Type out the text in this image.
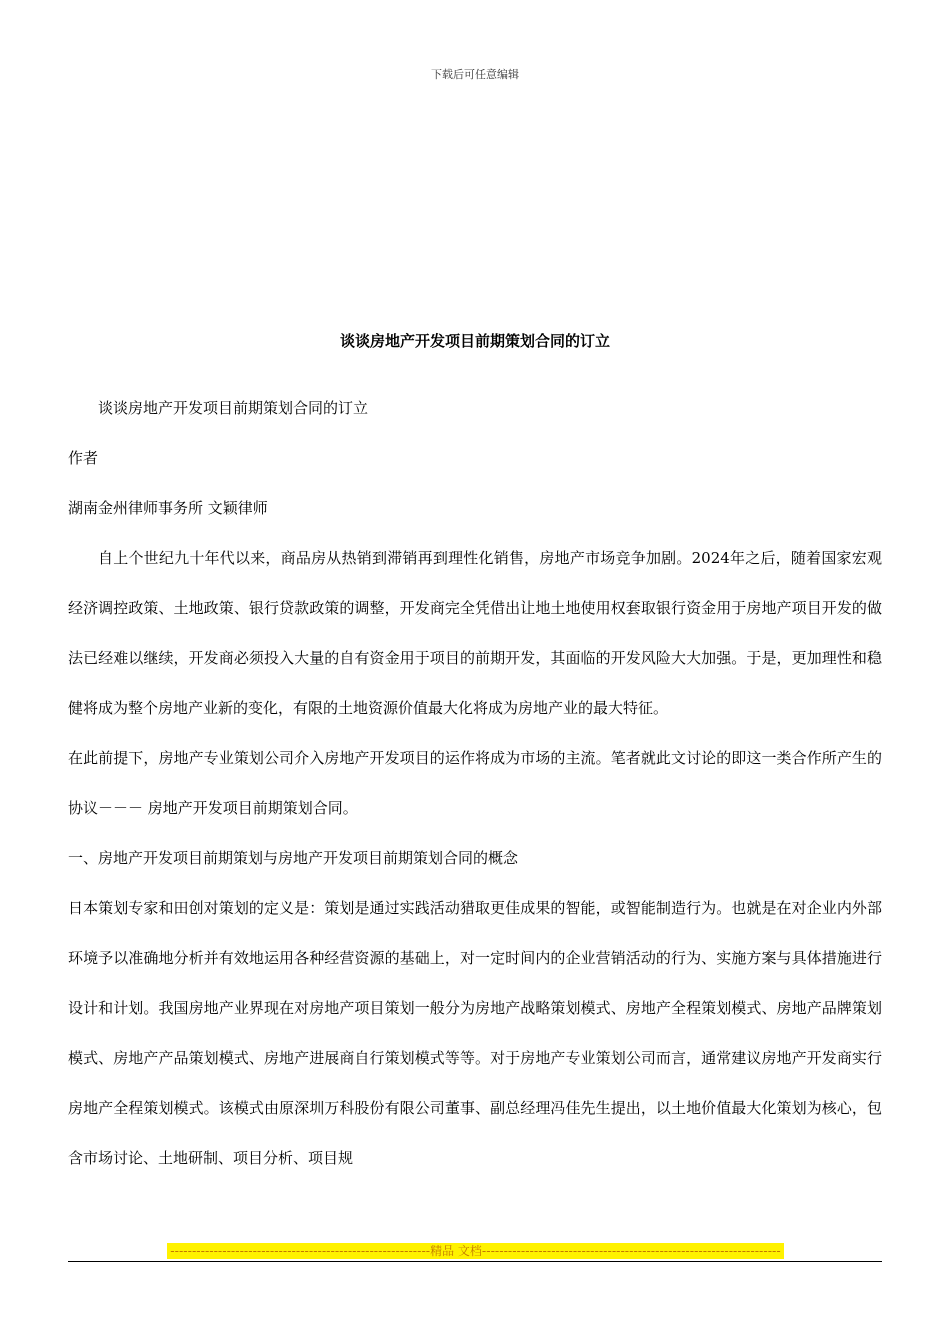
下载后可任意编辑
谈谈房地产开发项目前期策划合同的订立

谈谈房地产开发项目前期策划合同的订立

作者

湖南金州律师事务所 文颖律师

自上个世纪九十年代以来，商品房从热销到滞销再到理性化销售，房地产市场竞争加剧。2024年之后，随着国家宏观经济调控政策、土地政策、银行贷款政策的调整，开发商完全凭借出让地土地使用权套取银行资金用于房地产项目开发的做法已经难以继续，开发商必须投入大量的自有资金用于项目的前期开发，其面临的开发风险大大加强。于是，更加理性和稳健将成为整个房地产业新的变化，有限的土地资源价值最大化将成为房地产业的最大特征。

在此前提下，房地产专业策划公司介入房地产开发项目的运作将成为市场的主流。笔者就此文讨论的即这一类合作所产生的协议－－－ 房地产开发项目前期策划合同。

一、房地产开发项目前期策划与房地产开发项目前期策划合同的概念

日本策划专家和田创对策划的定义是：策划是通过实践活动猎取更佳成果的智能，或智能制造行为。也就是在对企业内外部环境予以准确地分析并有效地运用各种经营资源的基础上，对一定时间内的企业营销活动的行为、实施方案与具体措施进行设计和计划。我国房地产业界现在对房地产项目策划一般分为房地产战略策划模式、房地产全程策划模式、房地产品牌策划模式、房地产产品策划模式、房地产进展商自行策划模式等等。对于房地产专业策划公司而言，通常建议房地产开发商实行房地产全程策划模式。该模式由原深圳万科股份有限公司董事、副总经理冯佳先生提出，以土地价值最大化策划为核心，包含市场讨论、土地研制、项目分析、项目规

------------------------------------------------------------精品 文档---------------------------------------------------------------------
